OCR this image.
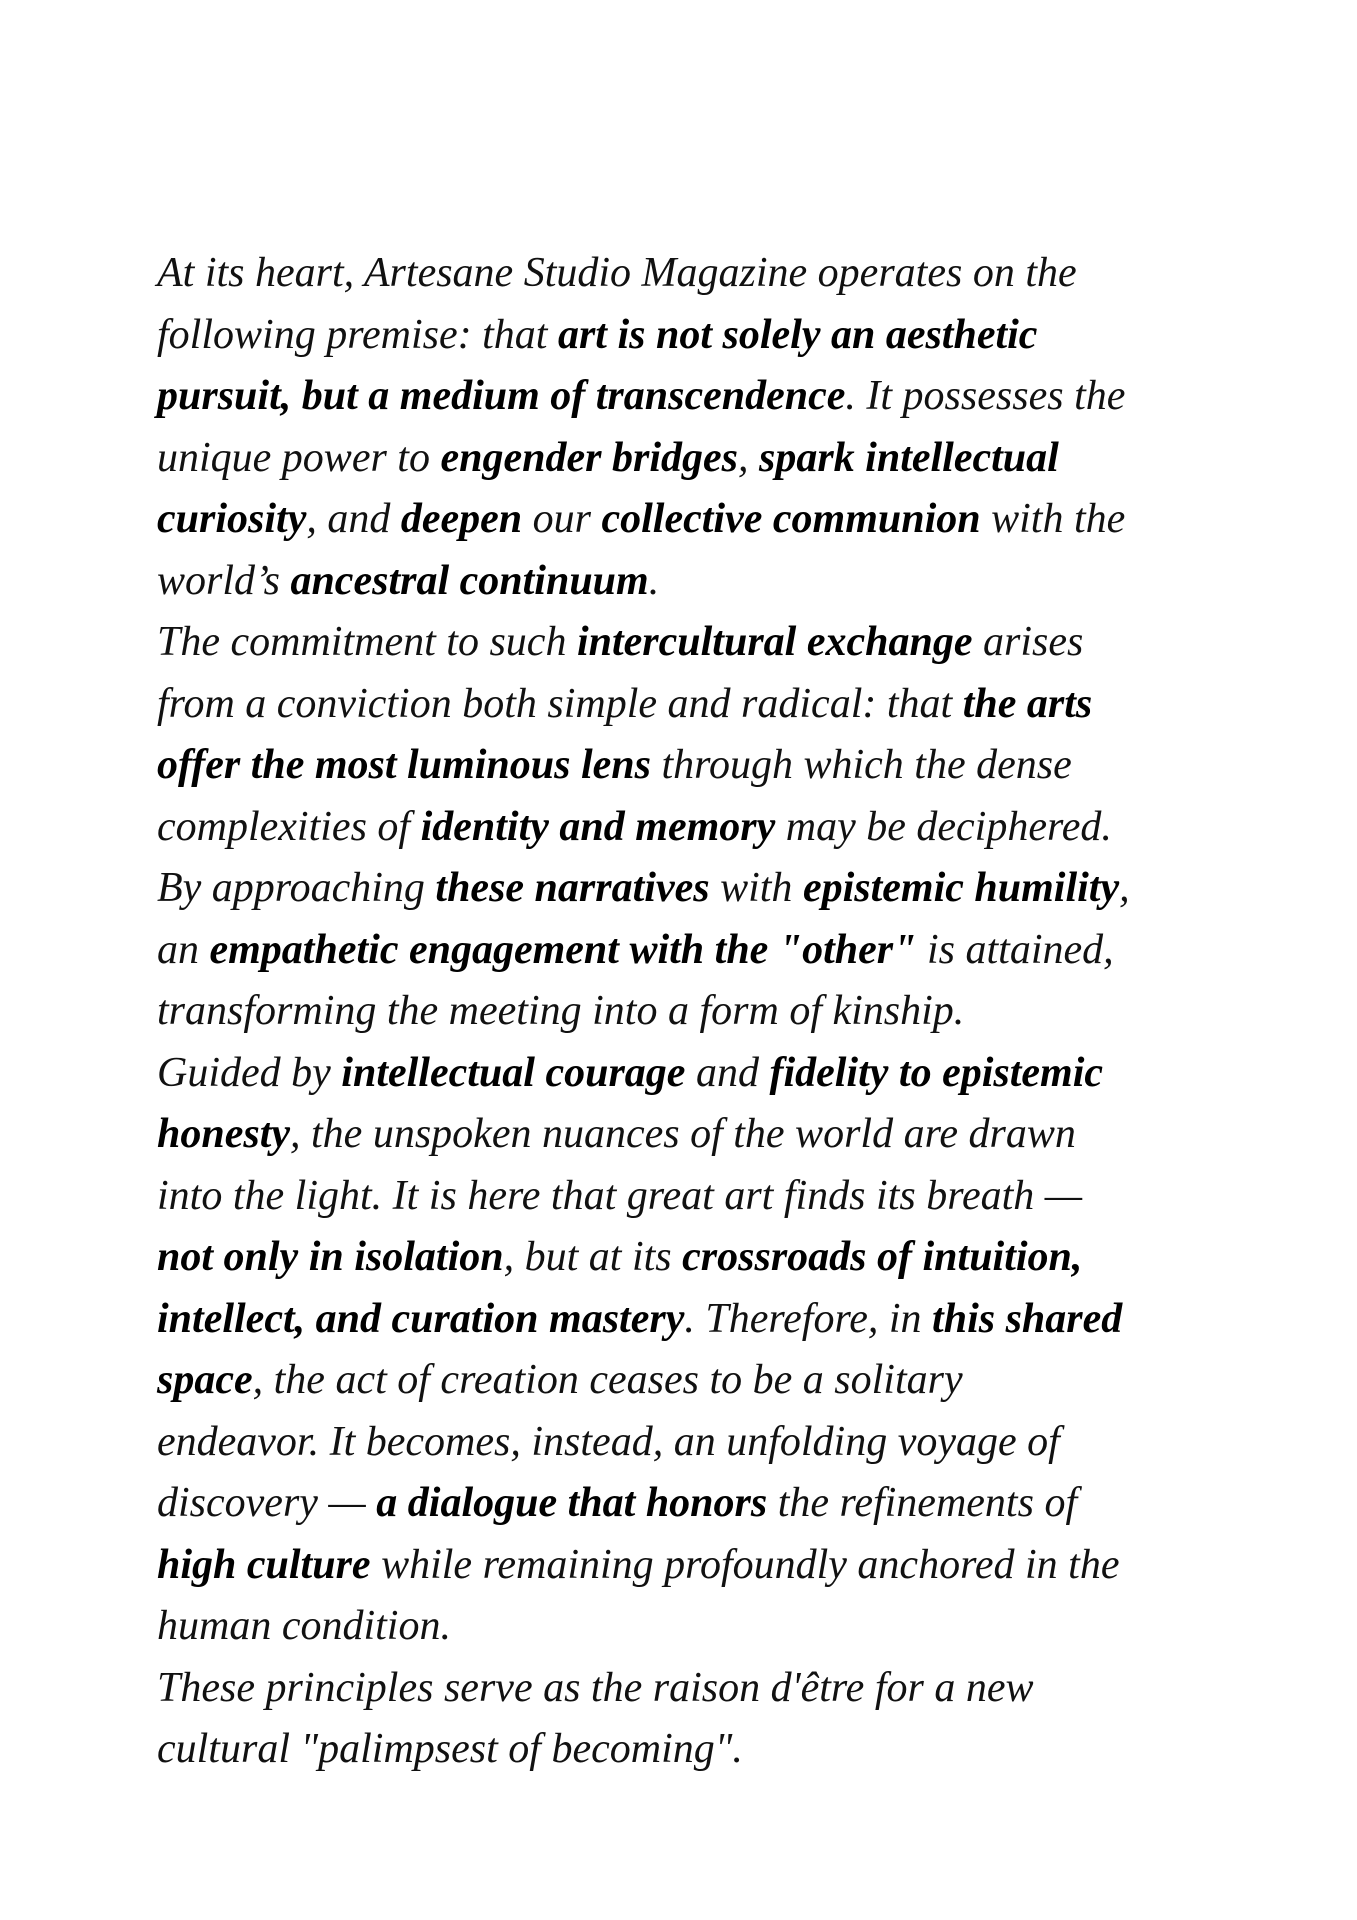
At its heart, Artesane Studio Magazine operates on the
following premise: that art is not solely an aesthetic
pursuit, but a medium of transcendence. It possesses the
unique power to engender bridges, spark intellectual
curiosity, and deepen our collective communion with the
world’s ancestral continuum.
The commitment to such intercultural exchange arises
from a conviction both simple and radical: that the arts
offer the most luminous lens through which the dense
complexities of identity and memory may be deciphered.
By approaching these narratives with epistemic humility,
an empathetic engagement with the "other" is attained,
transforming the meeting into a form of kinship.
Guided by intellectual courage and fidelity to epistemic
honesty, the unspoken nuances of the world are drawn
into the light. It is here that great art finds its breath —
not only in isolation, but at its crossroads of intuition,
intellect, and curation mastery. Therefore, in this shared
space, the act of creation ceases to be a solitary
endeavor. It becomes, instead, an unfolding voyage of
discovery — a dialogue that honors the refinements of
high culture while remaining profoundly anchored in the
human condition.
These principles serve as the raison d'être for a new
cultural "palimpsest of becoming".
